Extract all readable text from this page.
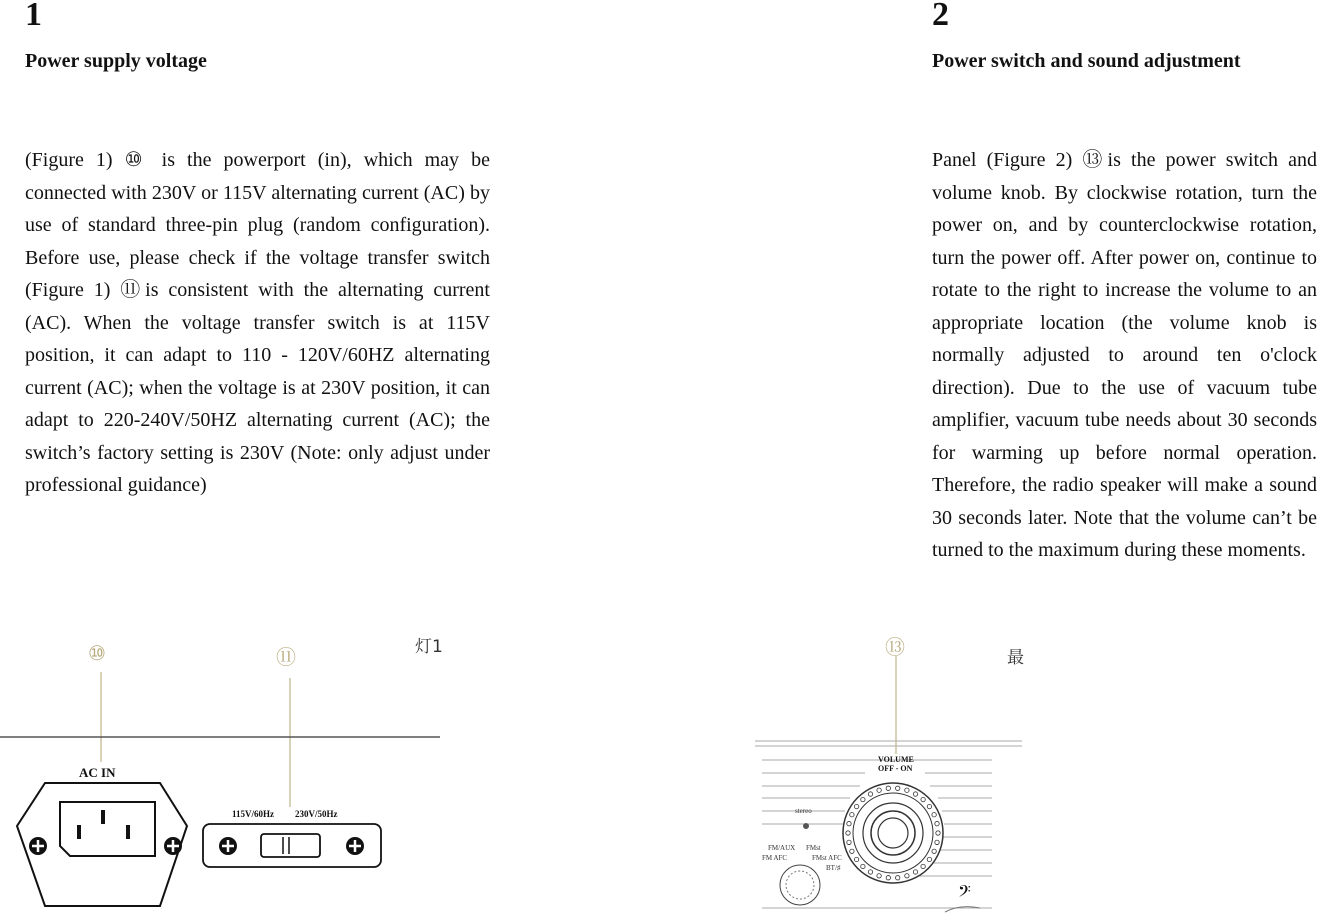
1
Power supply voltage

(Figure 1) ⑩ is the powerport (in), which may be connected with 230V or 115V alternating current (AC) by use of standard three-pin plug (random configuration). Before use, please check if the voltage transfer switch (Figure 1) ⑪is consistent with the alternating current (AC). When the voltage transfer switch is at 115V position, it can adapt to 110 - 120V/60HZ alternating current (AC); when the voltage is at 230V position, it can adapt to 220-240V/50HZ alternating current (AC); the switch’s factory setting is 230V (Note: only adjust under professional guidance)

⑩	⑪	灯1
AC IN
115V/60Hz 230V/50Hz
2
Power switch and sound adjustment

Panel (Figure 2) ⑬is the power switch and volume knob. By clockwise rotation, turn the power on, and by counterclockwise rotation, turn the power off. After power on, continue to rotate to the right to increase the volume to an appropriate location (the volume knob is normally adjusted to around ten o'clock direction). Due to the use of vacuum tube amplifier, vacuum tube needs about 30 seconds for warming up before normal operation. Therefore, the radio speaker will make a sound 30 seconds later. Note that the volume can’t be turned to the maximum during these moments.

⑬	最
VOLUME
OFF - ON
stereo
FM/AUX FMst
FM AFC	FMst AFC
BT/♯
𝄢
